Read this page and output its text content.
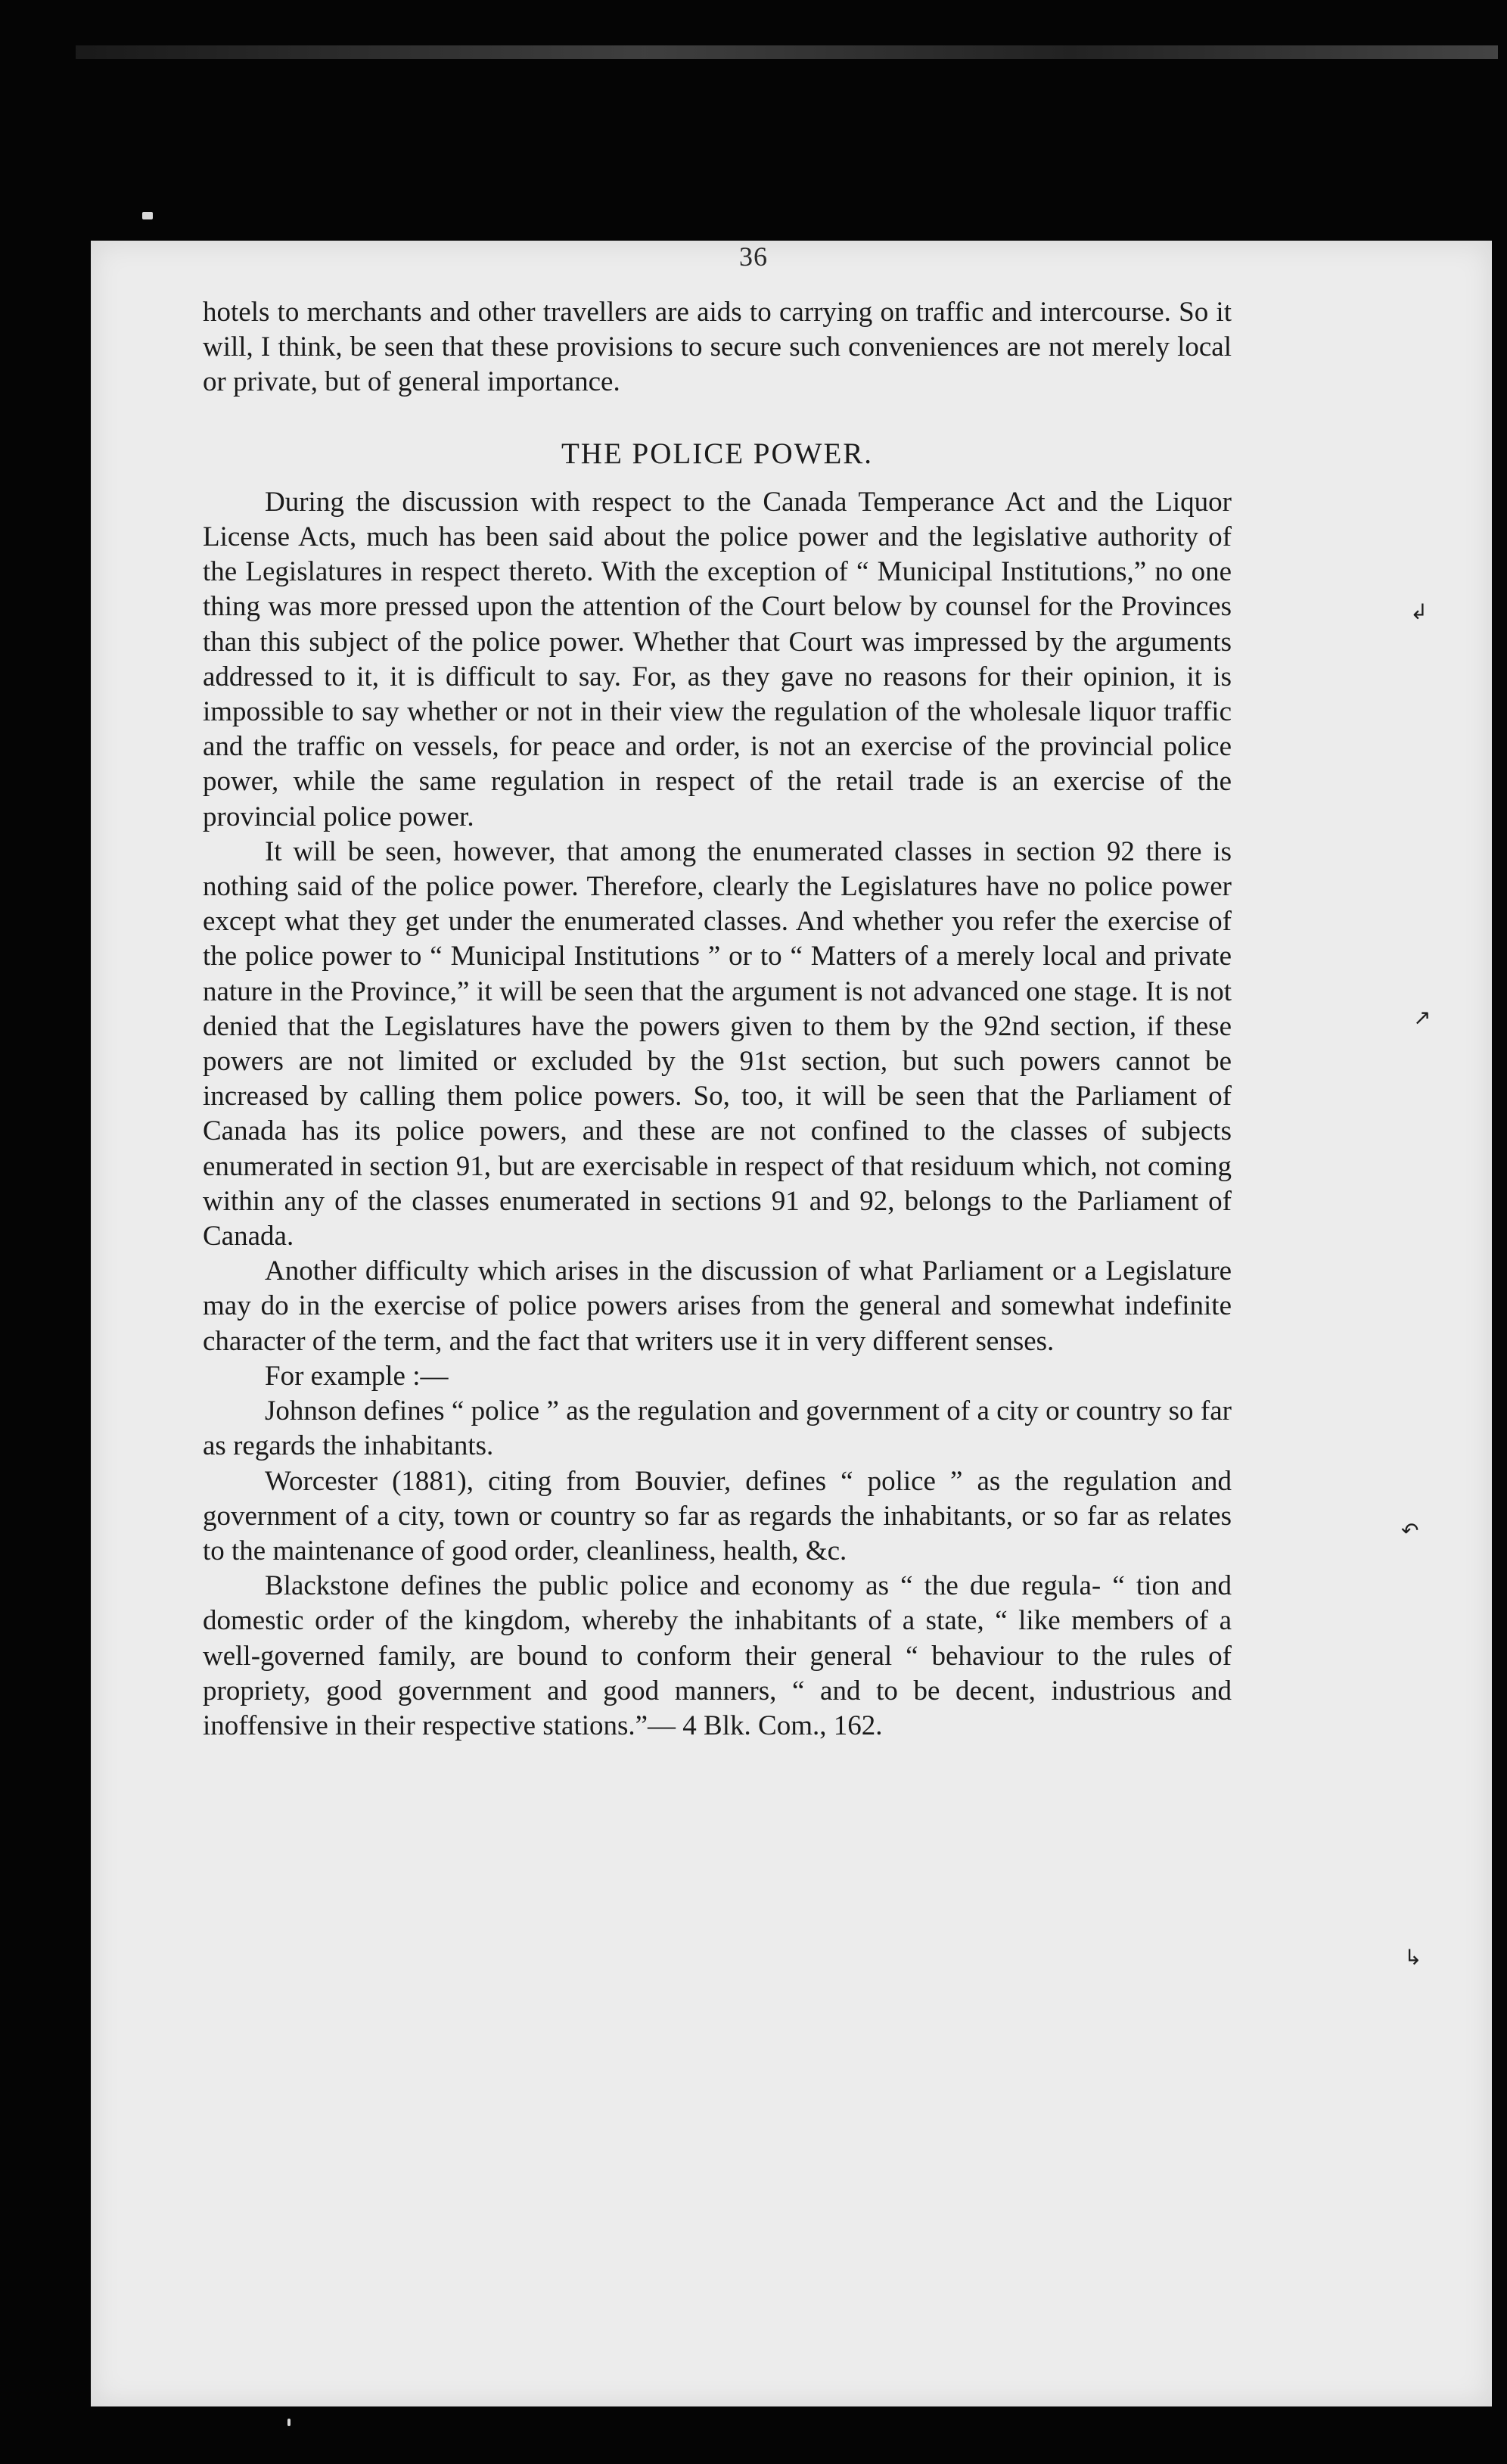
36

hotels to merchants and other travellers are aids to carrying on traffic and intercourse. So it will, I think, be seen that these provisions to secure such conveniences are not merely local or private, but of general importance.

THE POLICE POWER.

During the discussion with respect to the Canada Temperance Act and the Liquor License Acts, much has been said about the police power and the legislative authority of the Legislatures in respect thereto. With the exception of “ Municipal Institutions,” no one thing was more pressed upon the attention of the Court below by counsel for the Provinces than this subject of the police power. Whether that Court was impressed by the arguments addressed to it, it is difficult to say. For, as they gave no reasons for their opinion, it is impossible to say whether or not in their view the regulation of the wholesale liquor traffic and the traffic on vessels, for peace and order, is not an exercise of the provincial police power, while the same regulation in respect of the retail trade is an exercise of the provincial police power.

It will be seen, however, that among the enumerated classes in section 92 there is nothing said of the police power. Therefore, clearly the Legislatures have no police power except what they get under the enumerated classes. And whether you refer the exercise of the police power to “ Municipal Institutions ” or to “ Matters of a merely local and private nature in the Province,” it will be seen that the argument is not advanced one stage. It is not denied that the Legislatures have the powers given to them by the 92nd section, if these powers are not limited or excluded by the 91st section, but such powers cannot be increased by calling them police powers. So, too, it will be seen that the Parliament of Canada has its police powers, and these are not confined to the classes of subjects enumerated in section 91, but are exercisable in respect of that residuum which, not coming within any of the classes enumerated in sections 91 and 92, belongs to the Parliament of Canada.

Another difficulty which arises in the discussion of what Parliament or a Legislature may do in the exercise of police powers arises from the general and somewhat indefinite character of the term, and the fact that writers use it in very different senses.

For example :—

Johnson defines “ police ” as the regulation and government of a city or country so far as regards the inhabitants.

Worcester (1881), citing from Bouvier, defines “ police ” as the regulation and government of a city, town or country so far as regards the inhabitants, or so far as relates to the maintenance of good order, cleanliness, health, &c.

Blackstone defines the public police and economy as “ the due regula- “ tion and domestic order of the kingdom, whereby the inhabitants of a state, “ like members of a well-governed family, are bound to conform their general “ behaviour to the rules of propriety, good government and good manners, “ and to be decent, industrious and inoffensive in their respective stations.”— 4 Blk. Com., 162.

↲
↗
↶
↳
